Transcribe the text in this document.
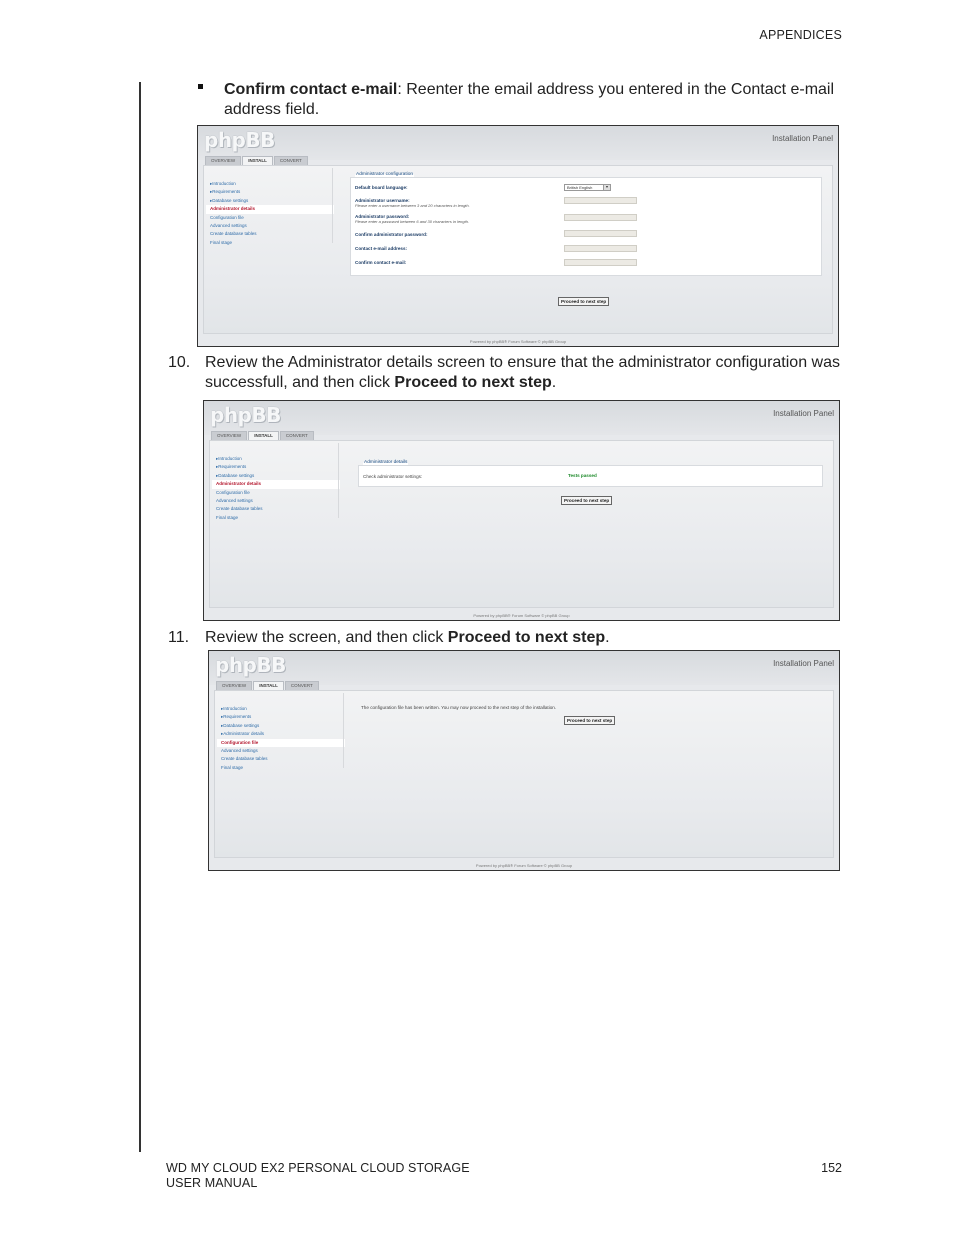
APPENDICES
Confirm contact e-mail: Reenter the email address you entered in the Contact e-mail address field.
phpBB	Installation Panel
OVERVIEW	INSTALL	CONVERT
▸ Introduction
▸ Requirements
▸ Database settings
Administrator details
Configuration file
Advanced settings
Create database tables
Final stage
Administrator configuration
Default board language:	British English	▼
Administrator username:
Please enter a username between 3 and 20 characters in length.
Administrator password:
Please enter a password between 6 and 30 characters in length.
Confirm administrator password:
Contact e-mail address:
Confirm contact e-mail:
Proceed to next step
Powered by phpBB® Forum Software © phpBB Group
10. Review the Administrator details screen to ensure that the administrator configuration was successfull, and then click Proceed to next step.
phpBB	Installation Panel
OVERVIEW	INSTALL	CONVERT
▸ Introduction
▸ Requirements
▸ Database settings
Administrator details
Configuration file
Advanced settings
Create database tables
Final stage
Administrator details
Check administrator settings:	Tests passed
Proceed to next step
Powered by phpBB® Forum Software © phpBB Group
11. Review the screen, and then click Proceed to next step.
phpBB	Installation Panel
OVERVIEW	INSTALL	CONVERT
▸ Introduction
▸ Requirements
▸ Database settings
▸ Administrator details
Configuration file
Advanced settings
Create database tables
Final stage
The configuration file has been written. You may now proceed to the next step of the installation.
Proceed to next step
Powered by phpBB® Forum Software © phpBB Group
WD MY CLOUD EX2 PERSONAL CLOUD STORAGE
USER MANUAL
152
